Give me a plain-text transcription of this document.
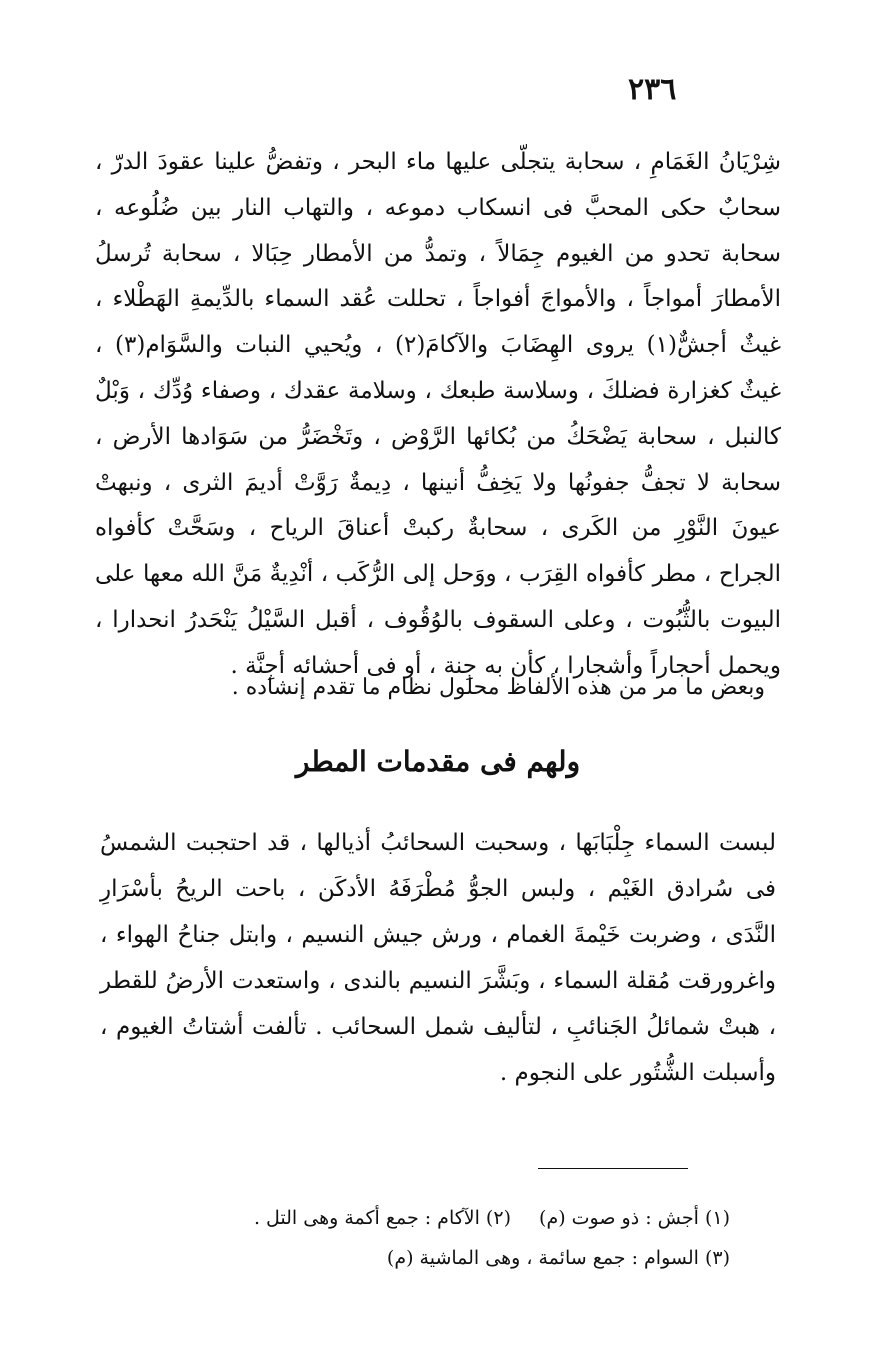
٢٣٦

شِرْيَانُ الغَمَامِ ، سحابة يتجلّى عليها ماء البحر ، وتفضُّ علينا عقودَ الدرّ ، سحابٌ حكى المحبَّ فى انسكاب دموعه ، والتهاب النار بين ضُلُوعه ، سحابة تحدو من الغيوم جِمَالاً ، وتمدُّ من الأمطار حِبَالا ، سحابة تُرسلُ الأمطارَ أمواجاً ، والأمواجَ أفواجاً ، تحللت عُقد السماء بالدِّيمةِ الهَطْلاء ، غيثٌ أجشٌّ(١) يروى الهِضَابَ والآكامَ(٢) ، ويُحيي النبات والسَّوَام(٣) ، غيثٌ كغزارة فضلكَ ، وسلاسة طبعك ، وسلامة عقدك ، وصفاء وُدِّك ، وَبْلٌ كالنبل ، سحابة يَضْحَكُ من بُكائها الرَّوْض ، وتَخْضَرُّ من سَوَادها الأرض ، سحابة لا تجفُّ جفونُها ولا يَخِفُّ أنينها ، دِيمةٌ رَوَّتْ أديمَ الثرى ، ونبهتْ عيونَ النَّوْرِ من الكَرى ، سحابةٌ ركبتْ أعناقَ الرياح ، وسَحَّتْ كأفواه الجراح ، مطر كأفواه القِرَب ، ووَحل إلى الرُّكَب ، أنْدِيةٌ مَنَّ الله معها على البيوت بالثُّبُوت ، وعلى السقوف بالوُقُوف ، أقبل السَّيْلُ يَنْحَدرُ انحدارا ، ويحمل أحجاراً وأشجارا ، كأن به جِنة ، أو فى أحشائه أجِنَّة .

وبعض ما مر من هذه الألفاظ محلول نظام ما تقدم إنشاده .

ولهم فى مقدمات المطر

لبست السماء جِلْبَابَها ، وسحبت السحائبُ أذيالها ، قد احتجبت الشمسُ فى سُرادق الغَيْم ، ولبس الجوُّ مُطْرَفَهُ الأدكَن ، باحت الريحُ بأسْرَارِ النَّدَى ، وضربت خَيْمةَ الغمام ، ورش جيش النسيم ، وابتل جناحُ الهواء ، واغرورقت مُقلة السماء ، وبَشَّرَ النسيم بالندى ، واستعدت الأرضُ للقطر ، هبتْ شمائلُ الجَنائبِ ، لتأليف شمل السحائب . تألفت أشتاتُ الغيوم ، وأسبلت الشُّتُور على النجوم .

(١) أجش : ذو صوت (م) (٢) الآكام : جمع أكمة وهى التل .
(٣) السوام : جمع سائمة ، وهى الماشية (م)
